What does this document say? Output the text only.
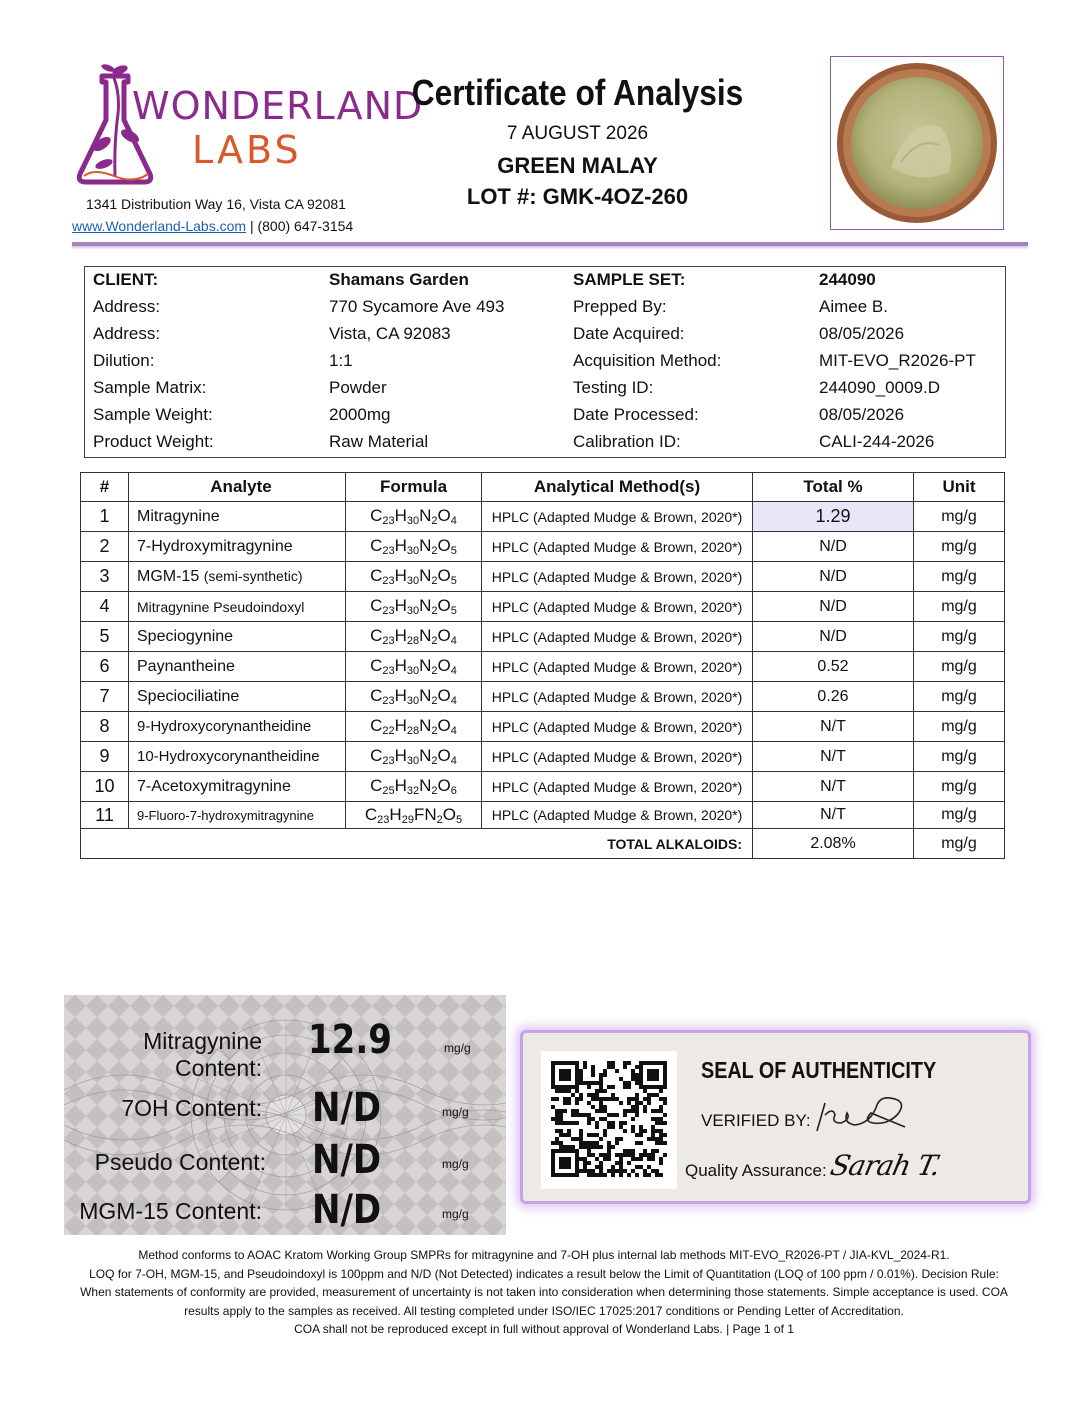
WONDERLAND
LABS
1341 Distribution Way 16, Vista CA 92081
www.Wonderland-Labs.com | (800) 647-3154
Certificate of Analysis
7 AUGUST 2026
GREEN MALAY
LOT #: GMK-4OZ-260
CLIENT:	Shamans Garden	SAMPLE SET:	244090
Address:	770 Sycamore Ave 493	Prepped By:	Aimee B.
Address:	Vista, CA 92083	Date Acquired:	08/05/2026
Dilution:	1:1	Acquisition Method:	MIT-EVO_R2026-PT
Sample Matrix:	Powder	Testing ID:	244090_0009.D
Sample Weight:	2000mg	Date Processed:	08/05/2026
Product Weight:	Raw Material	Calibration ID:	CALI-244-2026
#	Analyte	Formula	Analytical Method(s)	Total %	Unit
1	Mitragynine	$C_{23}H_{30}N_2O_4$	HPLC (Adapted Mudge & Brown, 2020*)	1.29	mg/g
2	7-Hydroxymitragynine	$C_{23}H_{30}N_2O_5$	HPLC (Adapted Mudge & Brown, 2020*)	N/D	mg/g
3	MGM-15 (semi-synthetic)	$C_{23}H_{30}N_2O_5$	HPLC (Adapted Mudge & Brown, 2020*)	N/D	mg/g
4	Mitragynine Pseudoindoxyl	$C_{23}H_{30}N_2O_5$	HPLC (Adapted Mudge & Brown, 2020*)	N/D	mg/g
5	Speciogynine	$C_{23}H_{28}N_2O_4$	HPLC (Adapted Mudge & Brown, 2020*)	N/D	mg/g
6	Paynantheine	$C_{23}H_{30}N_2O_4$	HPLC (Adapted Mudge & Brown, 2020*)	0.52	mg/g
7	Speciociliatine	$C_{23}H_{30}N_2O_4$	HPLC (Adapted Mudge & Brown, 2020*)	0.26	mg/g
8	9-Hydroxycorynantheidine	$C_{22}H_{28}N_2O_4$	HPLC (Adapted Mudge & Brown, 2020*)	N/T	mg/g
9	10-Hydroxycorynantheidine	$C_{23}H_{30}N_2O_4$	HPLC (Adapted Mudge & Brown, 2020*)	N/T	mg/g
10	7-Acetoxymitragynine	$C_{25}H_{32}N_2O_6$	HPLC (Adapted Mudge & Brown, 2020*)	N/T	mg/g
11	9-Fluoro-7-hydroxymitragynine	$C_{23}H_{29}FN_2O_5$	HPLC (Adapted Mudge & Brown, 2020*)	N/T	mg/g
TOTAL ALKALOIDS:				2.08%	mg/g
Mitragynine Content:
12.9	mg/g
7OH Content: N/D	mg/g
Pseudo Content: N/D	mg/g
MGM-15 Content: N/D	mg/g
SEAL OF AUTHENTICITY
VERIFIED BY:
Quality Assurance: Sarah T.
Method conforms to AOAC Kratom Working Group SMPRs for mitragynine and 7-OH plus internal lab methods MIT-EVO_R2026-PT / JIA-KVL_2024-R1.
LOQ for 7-OH, MGM-15, and Pseudoindoxyl is 100ppm and N/D (Not Detected) indicates a result below the Limit of Quantitation (LOQ of 100 ppm / 0.01%). Decision Rule:
When statements of conformity are provided, measurement of uncertainty is not taken into consideration when determining those statements. Simple acceptance is used. COA
results apply to the samples as received. All testing completed under ISO/IEC 17025:2017 conditions or Pending Letter of Accreditation.
COA shall not be reproduced except in full without approval of Wonderland Labs. | Page 1 of 1
